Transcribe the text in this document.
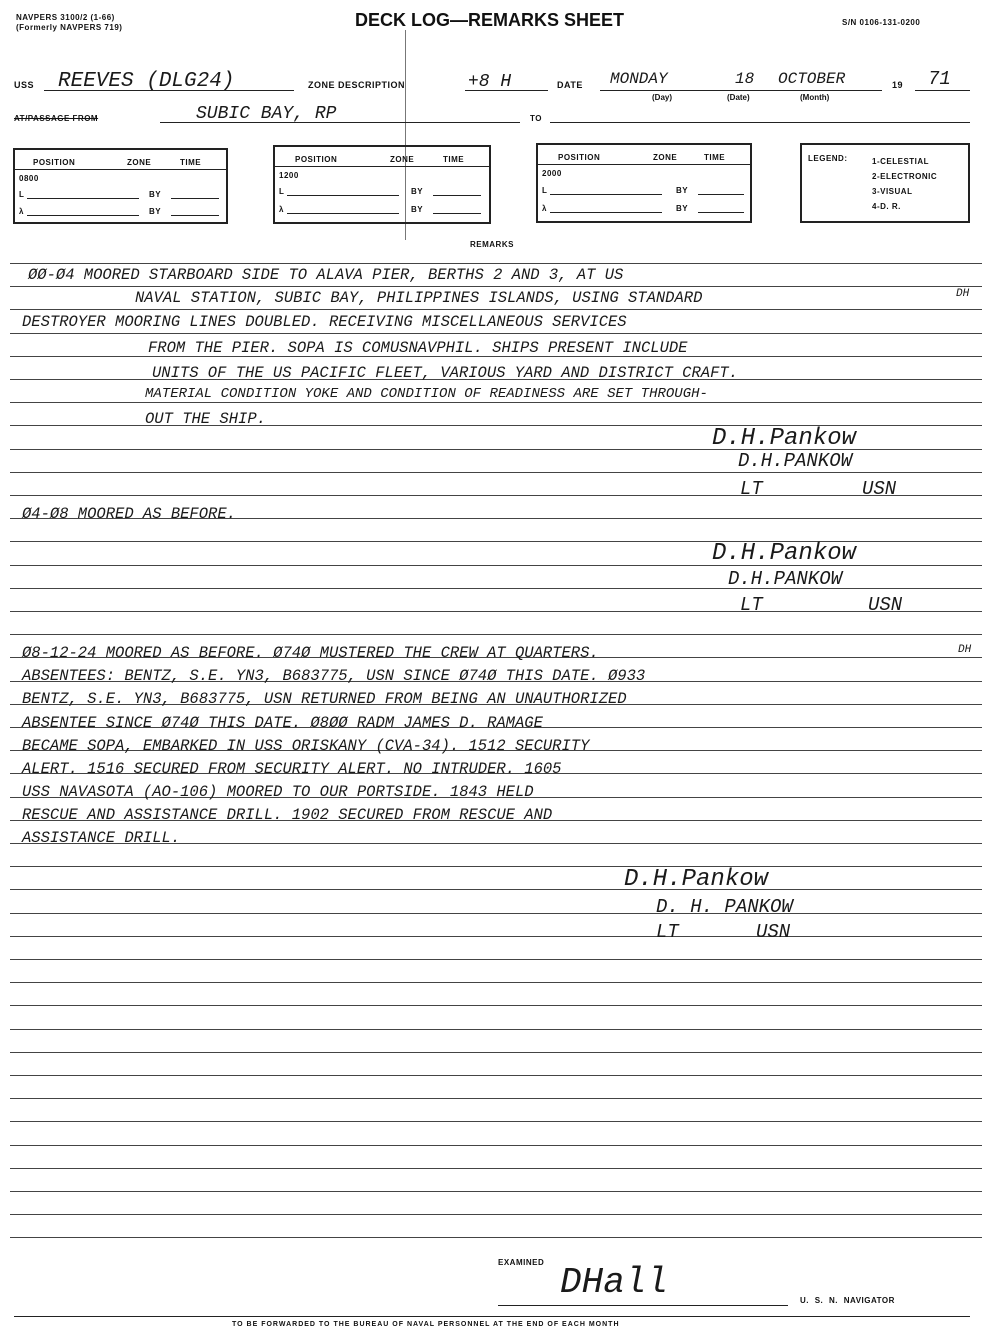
NAVPERS 3100/2 (1-66)
(Formerly NAVPERS 719)	DECK LOG—REMARKS SHEET	S/N 0106-131-0200
USS REEVES (DLG24)	ZONE DESCRIPTION	+8 H	DATE MONDAY	18 OCTOBER	19 71
(Day)	(Date)	(Month)
AT/PASSAGE FROM	SUBIC BAY, RP	TO
POSITION	ZONE	TIME
0800
L	BY
λ	BY
POSITION	ZONE	TIME
1200
L	BY
λ	BY
POSITION	ZONE	TIME
2000
L	BY
λ	BY
LEGEND:	1-CELESTIAL
2-ELECTRONIC
3-VISUAL
4-D. R.
REMARKS
ØØ-Ø4 MOORED STARBOARD SIDE TO ALAVA PIER, BERTHS 2 AND 3, AT US
NAVAL STATION, SUBIC BAY, PHILIPPINES ISLANDS, USING STANDARD
DESTROYER MOORING LINES DOUBLED. RECEIVING MISCELLANEOUS SERVICES
FROM THE PIER. SOPA IS COMUSNAVPHIL. SHIPS PRESENT INCLUDE
UNITS OF THE US PACIFIC FLEET, VARIOUS YARD AND DISTRICT CRAFT.
MATERIAL CONDITION YOKE AND CONDITION OF READINESS ARE SET THROUGH-
OUT THE SHIP.
DH
D.H.Pankow
D.H.PANKOW
LT	USN
Ø4-Ø8 MOORED AS BEFORE.
D.H.Pankow
D.H.PANKOW
LT	USN
Ø8-12-24 MOORED AS BEFORE. Ø74Ø MUSTERED THE CREW AT QUARTERS.
ABSENTEES: BENTZ, S.E. YN3, B683775, USN SINCE Ø74Ø THIS DATE. Ø933
BENTZ, S.E. YN3, B683775, USN RETURNED FROM BEING AN UNAUTHORIZED
ABSENTEE SINCE Ø74Ø THIS DATE. Ø8ØØ RADM JAMES D. RAMAGE
BECAME SOPA, EMBARKED IN USS ORISKANY (CVA-34). 1512 SECURITY
ALERT. 1516 SECURED FROM SECURITY ALERT. NO INTRUDER. 1605
USS NAVASOTA (AO-106) MOORED TO OUR PORTSIDE. 1843 HELD
RESCUE AND ASSISTANCE DRILL. 1902 SECURED FROM RESCUE AND
ASSISTANCE DRILL.
DH
D.H.Pankow
D. H. PANKOW
LT	USN
EXAMINED DHall	U. S. N. NAVIGATOR
TO BE FORWARDED TO THE BUREAU OF NAVAL PERSONNEL AT THE END OF EACH MONTH
